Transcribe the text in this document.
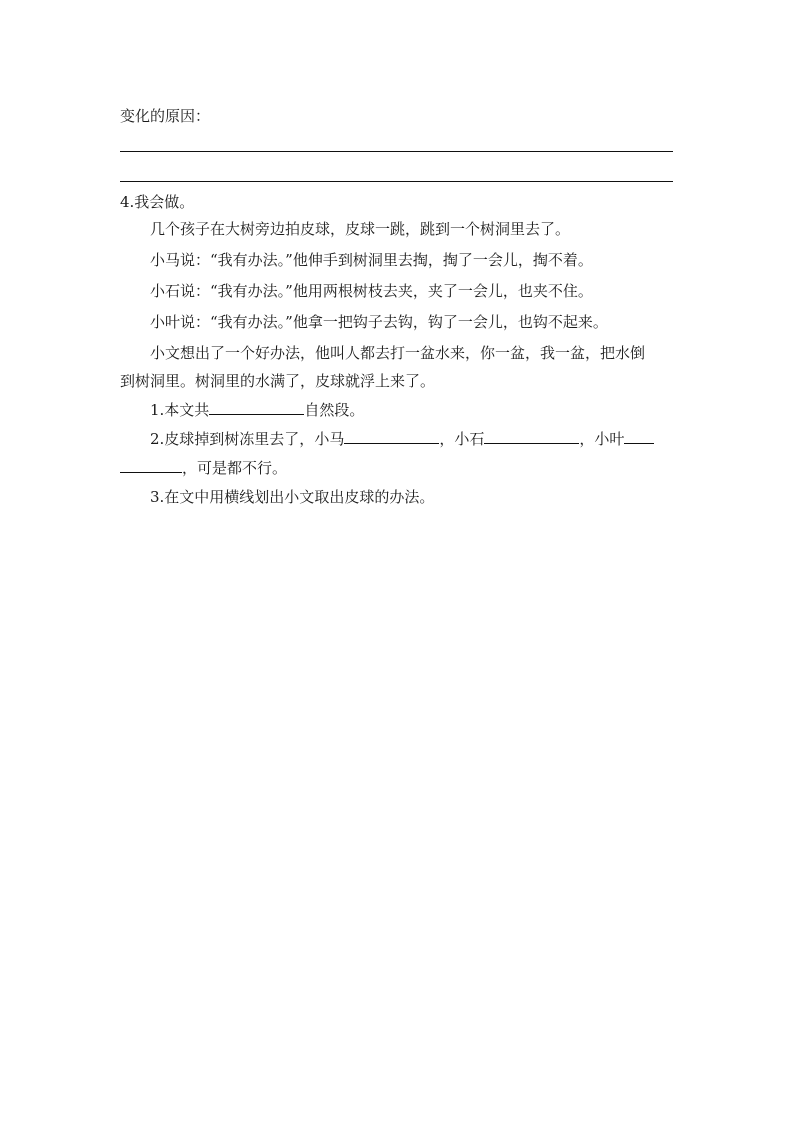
变化的原因：
4.我会做。
几个孩子在大树旁边拍皮球，皮球一跳，跳到一个树洞里去了。
小马说：“我有办法。”他伸手到树洞里去掏，掏了一会儿，掏不着。
小石说：“我有办法。”他用两根树枝去夹，夹了一会儿，也夹不住。
小叶说：“我有办法。”他拿一把钩子去钩，钩了一会儿，也钩不起来。
小文想出了一个好办法，他叫人都去打一盆水来，你一盆，我一盆，把水倒
到树洞里。树洞里的水满了，皮球就浮上来了。
1.本文共	自然段。
2.皮球掉到树冻里去了，小马	，小石	，小叶
，可是都不行。
3.在文中用横线划出小文取出皮球的办法。
